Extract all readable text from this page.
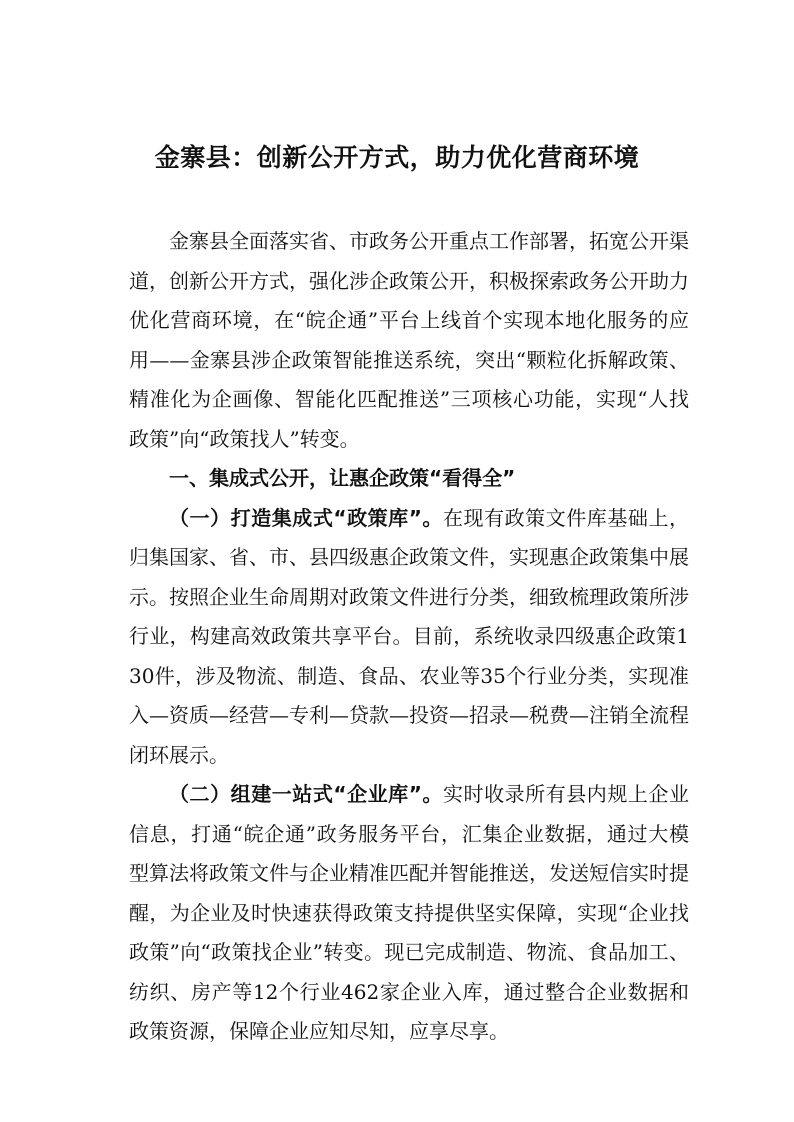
金寨县：创新公开方式，助力优化营商环境

金寨县全面落实省、市政务公开重点工作部署，拓宽公开渠道，创新公开方式，强化涉企政策公开，积极探索政务公开助力优化营商环境，在“皖企通”平台上线首个实现本地化服务的应用——金寨县涉企政策智能推送系统，突出“颗粒化拆解政策、精准化为企画像、智能化匹配推送”三项核心功能，实现“人找政策”向“政策找人”转变。

一、集成式公开，让惠企政策“看得全”

（一）打造集成式“政策库”。在现有政策文件库基础上，归集国家、省、市、县四级惠企政策文件，实现惠企政策集中展示。按照企业生命周期对政策文件进行分类，细致梳理政策所涉行业，构建高效政策共享平台。目前，系统收录四级惠企政策130件，涉及物流、制造、食品、农业等35个行业分类，实现准入—资质—经营—专利—贷款—投资—招录—税费—注销全流程闭环展示。

（二）组建一站式“企业库”。实时收录所有县内规上企业信息，打通“皖企通”政务服务平台，汇集企业数据，通过大模型算法将政策文件与企业精准匹配并智能推送，发送短信实时提醒，为企业及时快速获得政策支持提供坚实保障，实现“企业找政策”向“政策找企业”转变。现已完成制造、物流、食品加工、纺织、房产等12个行业462家企业入库，通过整合企业数据和政策资源，保障企业应知尽知，应享尽享。
